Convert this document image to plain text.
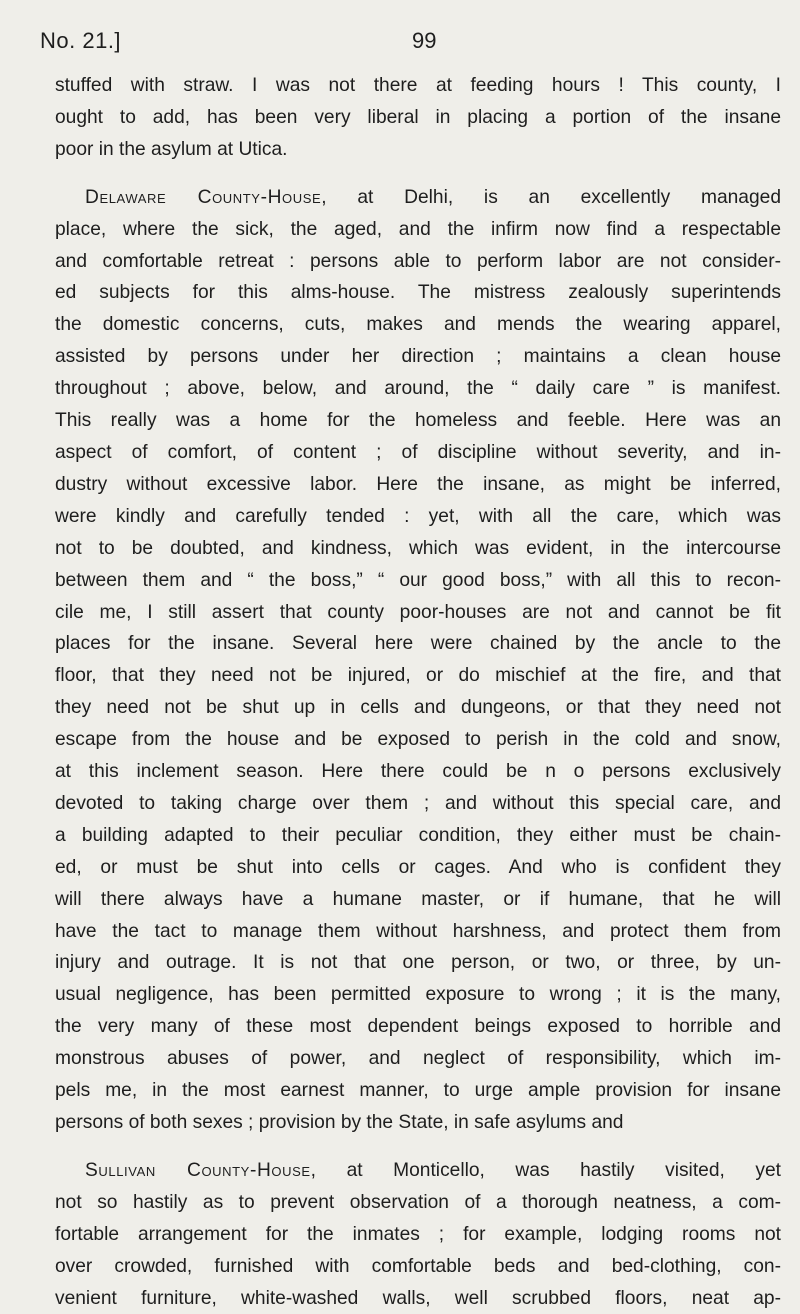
No. 21.]	99

stuffed with straw. I was not there at feeding hours ! This county, I
ought to add, has been very liberal in placing a portion of the insane
poor in the asylum at Utica.

Delaware County-House, at Delhi, is an excellently managed
place, where the sick, the aged, and the infirm now find a respectable
and comfortable retreat : persons able to perform labor are not consider-
ed subjects for this alms-house. The mistress zealously superintends
the domestic concerns, cuts, makes and mends the wearing apparel,
assisted by persons under her direction ; maintains a clean house
throughout ; above, below, and around, the “ daily care ” is manifest.
This really was a home for the homeless and feeble. Here was an
aspect of comfort, of content ; of discipline without severity, and in-
dustry without excessive labor. Here the insane, as might be inferred,
were kindly and carefully tended : yet, with all the care, which was
not to be doubted, and kindness, which was evident, in the intercourse
between them and “ the boss,” “ our good boss,” with all this to recon-
cile me, I still assert that county poor-houses are not and cannot be fit
places for the insane. Several here were chained by the ancle to the
floor, that they need not be injured, or do mischief at the fire, and that
they need not be shut up in cells and dungeons, or that they need not
escape from the house and be exposed to perish in the cold and snow,
at this inclement season. Here there could be n o persons exclusively
devoted to taking charge over them ; and without this special care, and
a building adapted to their peculiar condition, they either must be chain-
ed, or must be shut into cells or cages. And who is confident they
will there always have a humane master, or if humane, that he will
have the tact to manage them without harshness, and protect them from
injury and outrage. It is not that one person, or two, or three, by un-
usual negligence, has been permitted exposure to wrong ; it is the many,
the very many of these most dependent beings exposed to horrible and
monstrous abuses of power, and neglect of responsibility, which im-
pels me, in the most earnest manner, to urge ample provision for insane
persons of both sexes ; provision by the State, in safe asylums and

Sullivan County-House, at Monticello, was hastily visited, yet
not so hastily as to prevent observation of a thorough neatness, a com-
fortable arrangement for the inmates ; for example, lodging rooms not
over crowded, furnished with comfortable beds and bed-clothing, con-
venient furniture, white-washed walls, well scrubbed floors, neat ap-
